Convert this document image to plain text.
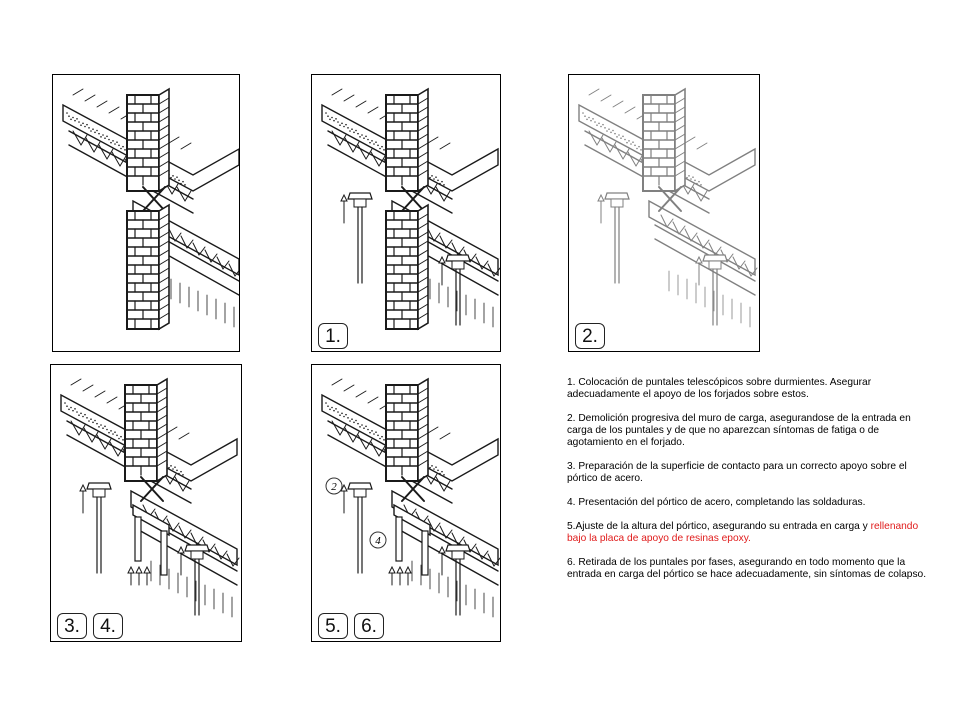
1.	2.
3.	4.
2
4
5.	6.
1. Colocación de puntales telescópicos sobre durmientes. Asegurar adecuadamente el apoyo de los forjados sobre estos.
2. Demolición progresiva del muro de carga, asegurandose de la entrada en carga de los puntales y de que no aparezcan síntomas de fatiga o de agotamiento en el forjado.
3. Preparación de la superficie de contacto para un correcto apoyo sobre el pórtico de acero.
4. Presentación del pórtico de acero, completando las soldaduras.
5.Ajuste de la altura del pórtico, asegurando su entrada en carga y rellenando bajo la placa de apoyo de resinas epoxy.
6. Retirada de los puntales por fases, asegurando en todo momento que la entrada en carga del pórtico se hace adecuadamente, sin síntomas de colapso.
